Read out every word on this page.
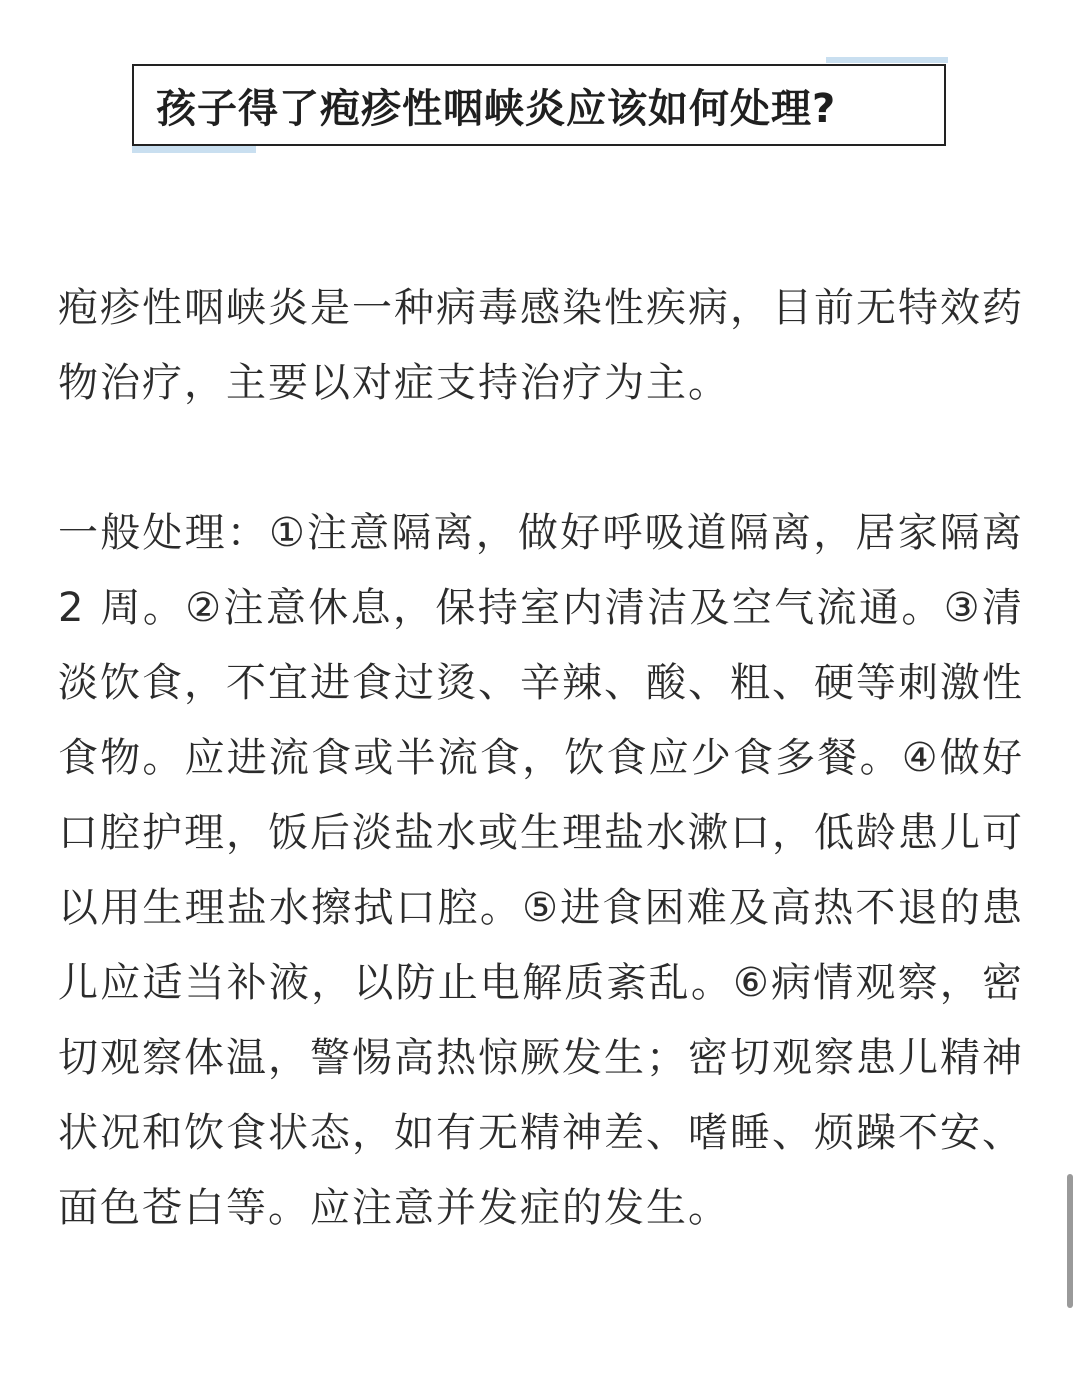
孩子得了疱疹性咽峡炎应该如何处理?

疱疹性咽峡炎是一种病毒感染性疾病，目前无特效药物治疗，主要以对症支持治疗为主。

一般处理：①注意隔离，做好呼吸道隔离，居家隔离 2 周。②注意休息，保持室内清洁及空气流通。③清淡饮食，不宜进食过烫、辛辣、酸、粗、硬等刺激性食物。应进流食或半流食，饮食应少食多餐。④做好口腔护理，饭后淡盐水或生理盐水漱口，低龄患儿可以用生理盐水擦拭口腔。⑤进食困难及高热不退的患儿应适当补液，以防止电解质紊乱。⑥病情观察，密切观察体温，警惕高热惊厥发生；密切观察患儿精神状况和饮食状态，如有无精神差、嗜睡、烦躁不安、面色苍白等。应注意并发症的发生。
